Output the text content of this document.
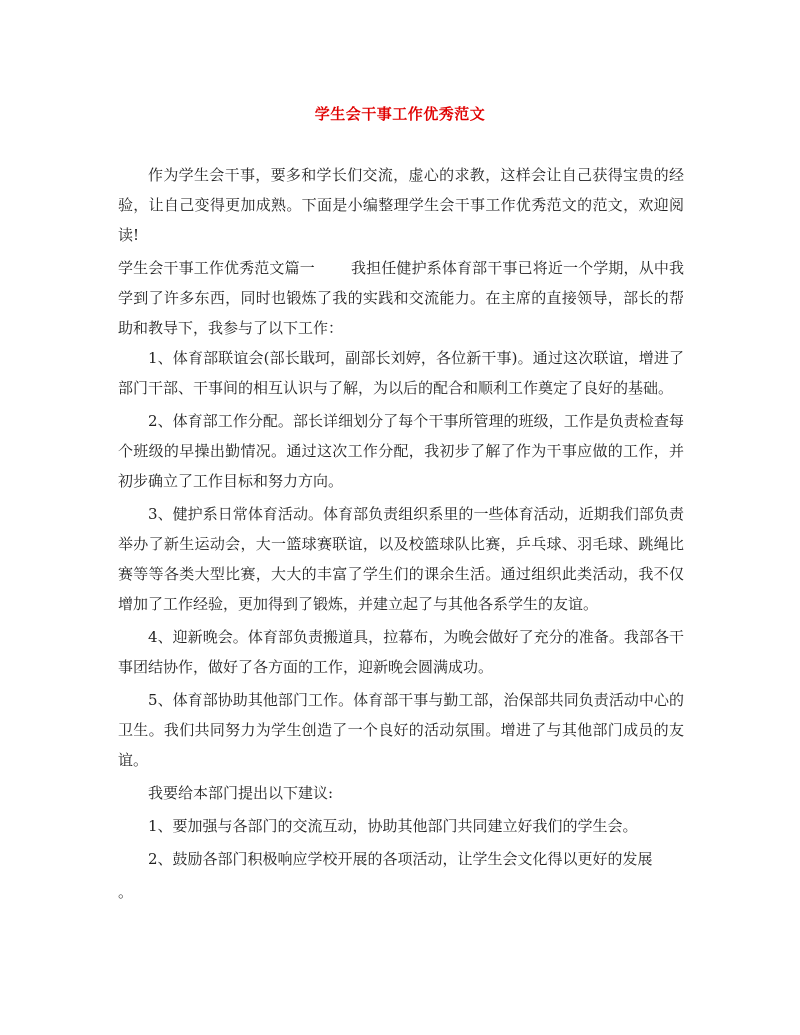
学生会干事工作优秀范文

作为学生会干事，要多和学长们交流，虚心的求教，这样会让自己获得宝贵的经验，让自己变得更加成熟。下面是小编整理学生会干事工作优秀范文的范文，欢迎阅读!

学生会干事工作优秀范文篇一 我担任健护系体育部干事已将近一个学期，从中我学到了许多东西，同时也锻炼了我的实践和交流能力。在主席的直接领导，部长的帮助和教导下，我参与了以下工作：

1、体育部联谊会(部长戢珂，副部长刘婷，各位新干事)。通过这次联谊，增进了部门干部、干事间的相互认识与了解，为以后的配合和顺利工作奠定了良好的基础。

2、体育部工作分配。部长详细划分了每个干事所管理的班级，工作是负责检查每个班级的早操出勤情况。通过这次工作分配，我初步了解了作为干事应做的工作，并初步确立了工作目标和努力方向。

3、健护系日常体育活动。体育部负责组织系里的一些体育活动，近期我们部负责举办了新生运动会，大一篮球赛联谊，以及校篮球队比赛，乒乓球、羽毛球、跳绳比赛等等各类大型比赛，大大的丰富了学生们的课余生活。通过组织此类活动，我不仅增加了工作经验，更加得到了锻炼，并建立起了与其他各系学生的友谊。

4、迎新晚会。体育部负责搬道具，拉幕布，为晚会做好了充分的准备。我部各干事团结协作，做好了各方面的工作，迎新晚会圆满成功。

5、体育部协助其他部门工作。体育部干事与勤工部，治保部共同负责活动中心的卫生。我们共同努力为学生创造了一个良好的活动氛围。增进了与其他部门成员的友谊。

我要给本部门提出以下建议:

1、要加强与各部门的交流互动，协助其他部门共同建立好我们的学生会。

2、鼓励各部门积极响应学校开展的各项活动，让学生会文化得以更好的发展

。
